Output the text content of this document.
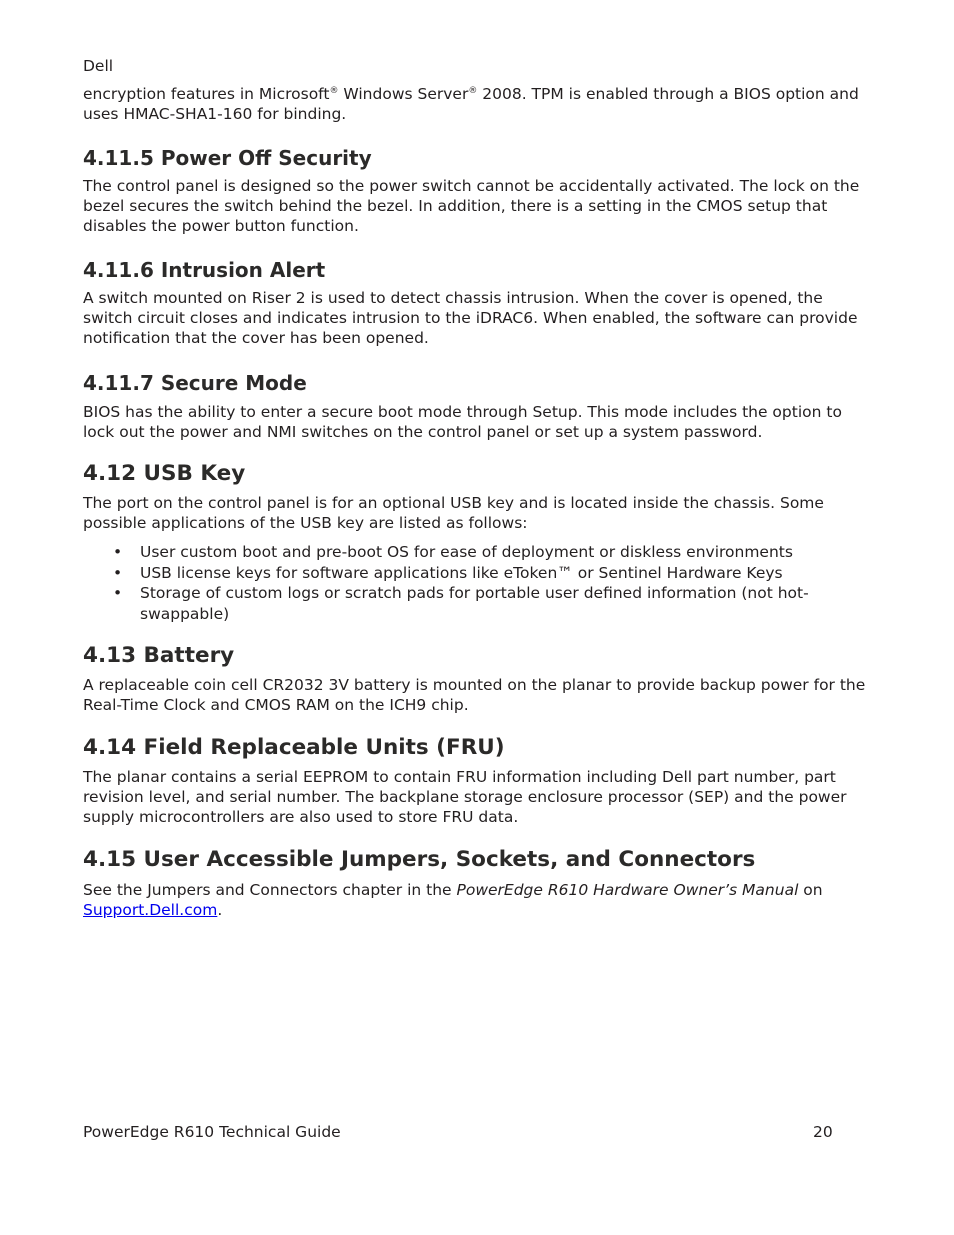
Dell

encryption features in Microsoft® Windows Server® 2008. TPM is enabled through a BIOS option and uses HMAC-SHA1-160 for binding.

4.11.5 Power Off Security

The control panel is designed so the power switch cannot be accidentally activated. The lock on the bezel secures the switch behind the bezel. In addition, there is a setting in the CMOS setup that disables the power button function.

4.11.6 Intrusion Alert

A switch mounted on Riser 2 is used to detect chassis intrusion. When the cover is opened, the switch circuit closes and indicates intrusion to the iDRAC6. When enabled, the software can provide notification that the cover has been opened.

4.11.7 Secure Mode

BIOS has the ability to enter a secure boot mode through Setup. This mode includes the option to lock out the power and NMI switches on the control panel or set up a system password.

4.12 USB Key

The port on the control panel is for an optional USB key and is located inside the chassis. Some possible applications of the USB key are listed as follows:

• User custom boot and pre-boot OS for ease of deployment or diskless environments
• USB license keys for software applications like eToken™ or Sentinel Hardware Keys
• Storage of custom logs or scratch pads for portable user defined information (not hot-swappable)
4.13 Battery

A replaceable coin cell CR2032 3V battery is mounted on the planar to provide backup power for the Real-Time Clock and CMOS RAM on the ICH9 chip.

4.14 Field Replaceable Units (FRU)

The planar contains a serial EEPROM to contain FRU information including Dell part number, part revision level, and serial number. The backplane storage enclosure processor (SEP) and the power supply microcontrollers are also used to store FRU data.

4.15 User Accessible Jumpers, Sockets, and Connectors

See the Jumpers and Connectors chapter in the PowerEdge R610 Hardware Owner’s Manual on Support.Dell.com.

PowerEdge R610 Technical Guide	20
